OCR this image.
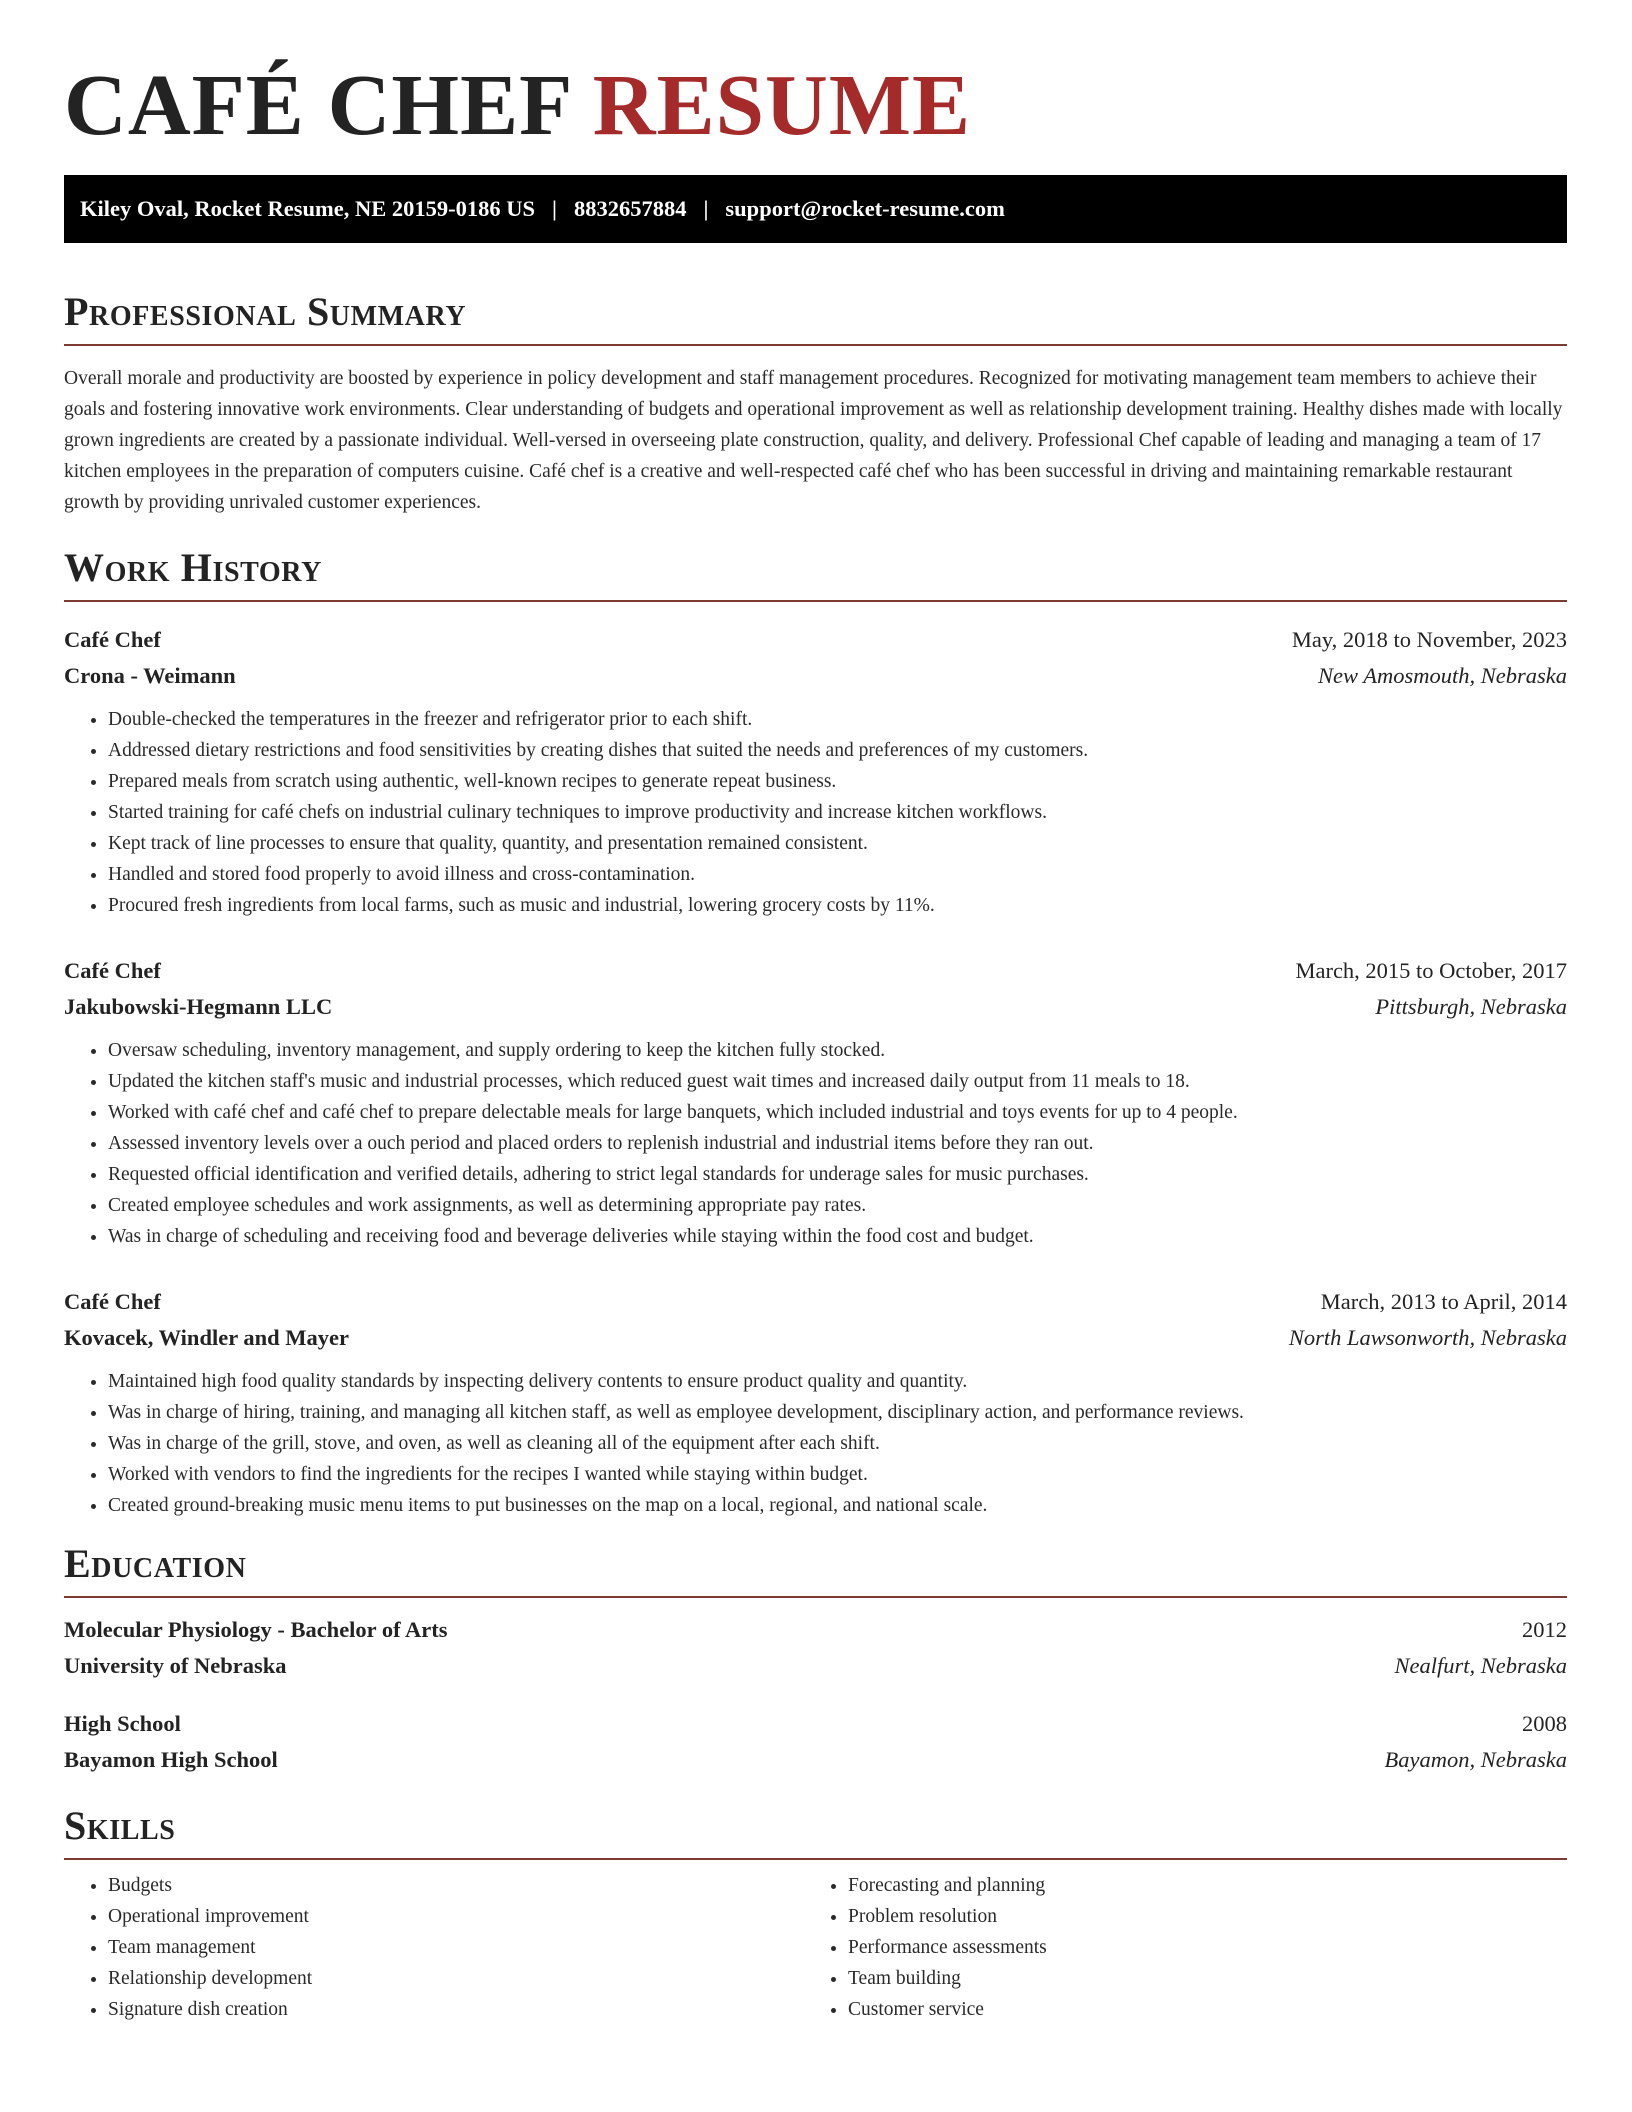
CAFÉ CHEF RESUME
Kiley Oval, Rocket Resume, NE 20159-0186 US | 8832657884 | support@rocket-resume.com
Professional Summary

Overall morale and productivity are boosted by experience in policy development and staff management procedures. Recognized for motivating management team members to achieve their goals and fostering innovative work environments. Clear understanding of budgets and operational improvement as well as relationship development training. Healthy dishes made with locally grown ingredients are created by a passionate individual. Well-versed in overseeing plate construction, quality, and delivery. Professional Chef capable of leading and managing a team of 17 kitchen employees in the preparation of computers cuisine. Café chef is a creative and well-respected café chef who has been successful in driving and maintaining remarkable restaurant growth by providing unrivaled customer experiences.

Work History
Café Chef	May, 2018 to November, 2023
Crona - Weimann	New Amosmouth, Nebraska
• Double-checked the temperatures in the freezer and refrigerator prior to each shift.
• Addressed dietary restrictions and food sensitivities by creating dishes that suited the needs and preferences of my customers.
• Prepared meals from scratch using authentic, well-known recipes to generate repeat business.
• Started training for café chefs on industrial culinary techniques to improve productivity and increase kitchen workflows.
• Kept track of line processes to ensure that quality, quantity, and presentation remained consistent.
• Handled and stored food properly to avoid illness and cross-contamination.
• Procured fresh ingredients from local farms, such as music and industrial, lowering grocery costs by 11%.
Café Chef	March, 2015 to October, 2017
Jakubowski-Hegmann LLC	Pittsburgh, Nebraska
• Oversaw scheduling, inventory management, and supply ordering to keep the kitchen fully stocked.
• Updated the kitchen staff's music and industrial processes, which reduced guest wait times and increased daily output from 11 meals to 18.
• Worked with café chef and café chef to prepare delectable meals for large banquets, which included industrial and toys events for up to 4 people.
• Assessed inventory levels over a ouch period and placed orders to replenish industrial and industrial items before they ran out.
• Requested official identification and verified details, adhering to strict legal standards for underage sales for music purchases.
• Created employee schedules and work assignments, as well as determining appropriate pay rates.
• Was in charge of scheduling and receiving food and beverage deliveries while staying within the food cost and budget.
Café Chef	March, 2013 to April, 2014
Kovacek, Windler and Mayer	North Lawsonworth, Nebraska
• Maintained high food quality standards by inspecting delivery contents to ensure product quality and quantity.
• Was in charge of hiring, training, and managing all kitchen staff, as well as employee development, disciplinary action, and performance reviews.
• Was in charge of the grill, stove, and oven, as well as cleaning all of the equipment after each shift.
• Worked with vendors to find the ingredients for the recipes I wanted while staying within budget.
• Created ground-breaking music menu items to put businesses on the map on a local, regional, and national scale.
Education
Molecular Physiology - Bachelor of Arts	2012
University of Nebraska	Nealfurt, Nebraska
High School	2008
Bayamon High School	Bayamon, Nebraska
Skills
• Budgets
• Operational improvement
• Team management
• Relationship development
• Signature dish creation
• Forecasting and planning
• Problem resolution
• Performance assessments
• Team building
• Customer service
